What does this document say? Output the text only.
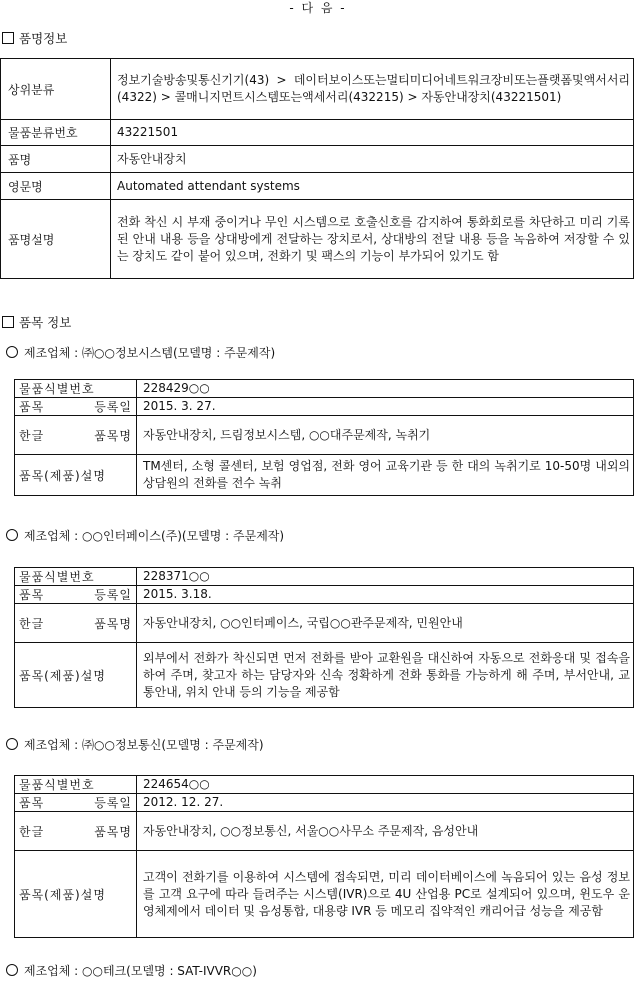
- 다 음 -
품명정보
상위분류	정보기술방송및통신기기(43) > 데이터보이스또는멀티미디어네트워크장비또는플랫폼및액서서리(4322) > 콜매니지먼트시스템또는액세서리(432215) > 자동안내장치(43221501)
물품분류번호	43221501
품명	자동안내장치
영문명	Automated attendant systems
품명설명	전화 착신 시 부재 중이거나 무인 시스템으로 호출신호를 감지하여 통화회로를 차단하고 미리 기록된 안내 내용 등을 상대방에게 전달하는 장치로서, 상대방의 전달 내용 등을 녹음하여 저장할 수 있는 장치도 같이 붙어 있으며, 전화기 및 팩스의 기능이 부가되어 있기도 함
품목 정보
제조업체 : ㈜○○정보시스템(모델명 : 주문제작)
물품식별번호	228429○○
품목 등록일	2015. 3. 27.
한글 품목명	자동안내장치, 드림정보시스템, ○○대주문제작, 녹취기
품목(제품)설명	TM센터, 소형 콜센터, 보험 영업점, 전화 영어 교육기관 등 한 대의 녹취기로 10-50명 내외의 상담원의 전화를 전수 녹취
제조업체 : ○○인터페이스(주)(모델명 : 주문제작)
물품식별번호	228371○○
품목 등록일	2015. 3.18.
한글 품목명	자동안내장치, ○○인터페이스, 국립○○관주문제작, 민원안내
품목(제품)설명	외부에서 전화가 착신되면 먼저 전화를 받아 교환원을 대신하여 자동으로 전화응대 및 접속을 하여 주며, 찾고자 하는 담당자와 신속 정확하게 전화 통화를 가능하게 해 주며, 부서안내, 교통안내, 위치 안내 등의 기능을 제공함
제조업체 : ㈜○○정보통신(모델명 : 주문제작)
물품식별번호	224654○○
품목 등록일	2012. 12. 27.
한글 품목명	자동안내장치, ○○정보통신, 서울○○사무소 주문제작, 음성안내
품목(제품)설명	고객이 전화기를 이용하여 시스템에 접속되면, 미리 데이터베이스에 녹음되어 있는 음성 정보를 고객 요구에 따라 들려주는 시스템(IVR)으로 4U 산업용 PC로 설계되어 있으며, 윈도우 운영체제에서 데이터 및 음성통합, 대용량 IVR 등 메모리 집약적인 캐리어급 성능을 제공함
제조업체 : ○○테크(모델명 : SAT-IVVR○○)
